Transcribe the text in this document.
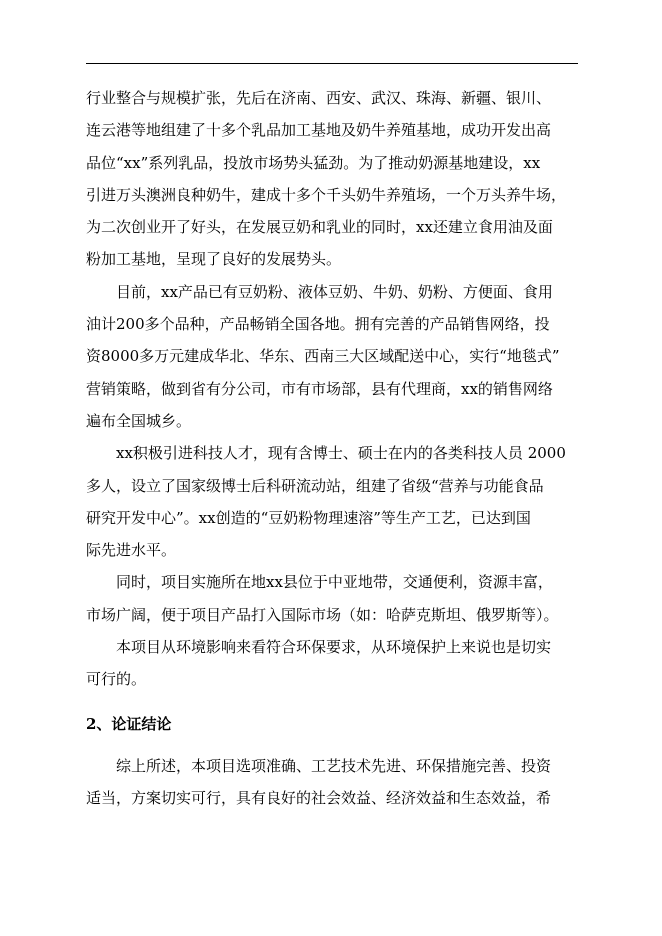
行业整合与规模扩张，先后在济南、西安、武汉、珠海、新疆、银川、
连云港等地组建了十多个乳品加工基地及奶牛养殖基地，成功开发出高
品位“xx”系列乳品，投放市场势头猛劲。为了推动奶源基地建设，xx
引进万头澳洲良种奶牛，建成十多个千头奶牛养殖场，一个万头养牛场，
为二次创业开了好头，在发展豆奶和乳业的同时，xx还建立食用油及面
粉加工基地，呈现了良好的发展势头。
目前，xx产品已有豆奶粉、液体豆奶、牛奶、奶粉、方便面、食用
油计200多个品种，产品畅销全国各地。拥有完善的产品销售网络，投
资8000多万元建成华北、华东、西南三大区域配送中心，实行“地毯式”
营销策略，做到省有分公司，市有市场部，县有代理商，xx的销售网络
遍布全国城乡。
xx积极引进科技人才，现有含博士、硕士在内的各类科技人员 2000
多人，设立了国家级博士后科研流动站，组建了省级“营养与功能食品
研究开发中心”。xx创造的“豆奶粉物理速溶”等生产工艺，已达到国
际先进水平。
同时，项目实施所在地xx县位于中亚地带，交通便利，资源丰富，
市场广阔，便于项目产品打入国际市场（如：哈萨克斯坦、俄罗斯等）。
本项目从环境影响来看符合环保要求，从环境保护上来说也是切实
可行的。
2、论证结论
综上所述，本项目选项准确、工艺技术先进、环保措施完善、投资
适当，方案切实可行，具有良好的社会效益、经济效益和生态效益，希
